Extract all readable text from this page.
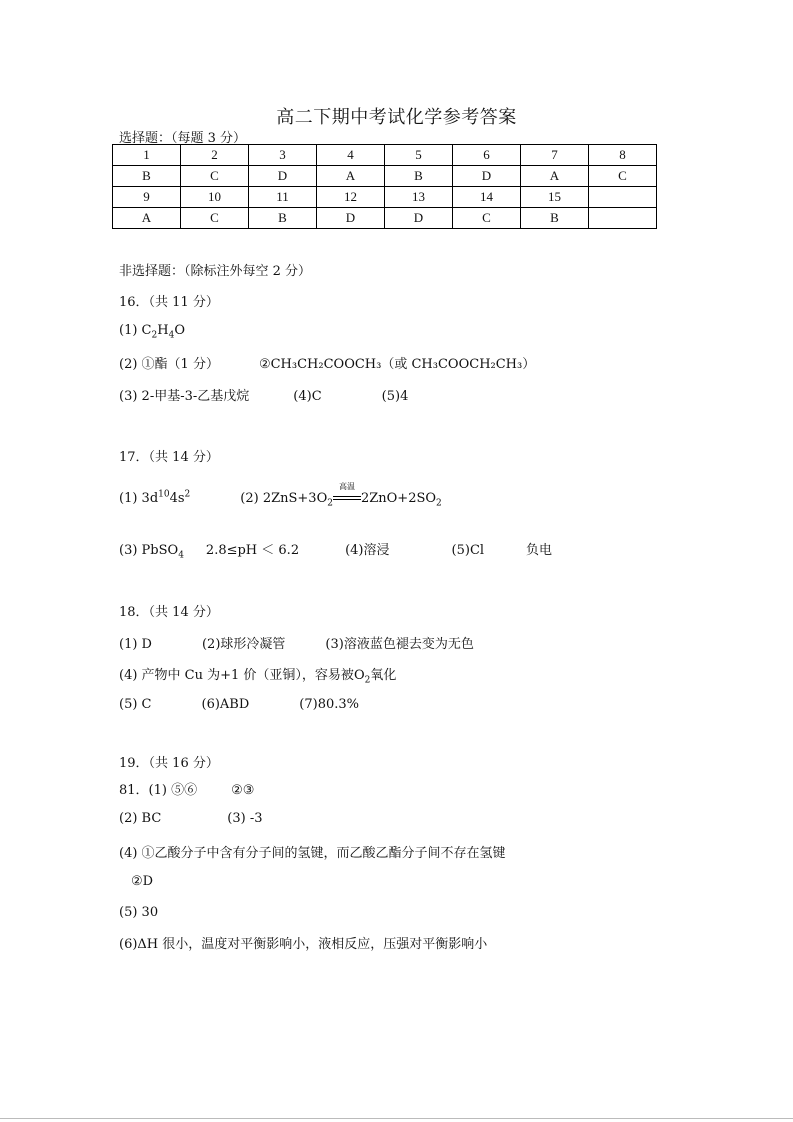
高二下期中考试化学参考答案
选择题：（每题 3 分）
1	2	3	4	5	6	7	8
B	C	D	A	B	D	A	C
9	10	11	12	13	14	15	
A	C	B	D	D	C	B	
非选择题：（除标注外每空 2 分）
16．（共 11 分）
(1) $C_2H_4O$
(2) ①酯（1 分）	②CH₃CH₂COOCH₃（或 CH₃COOCH₂CH₃）
(3) 2-甲基-3-乙基戊烷	(4)C	(5)4
17．（共 14 分）
(1) $3d^{10}4s^2$	(2) $2ZnS+3O_2$
高温
$2ZnO+2SO_2$
(3) PbSO$_4$ 2.8≤pH ＜ 6.2	(4)溶浸	(5)Cl	负电
18．（共 14 分）
(1) D	(2)球形冷凝管	(3)溶液蓝色褪去变为无色
(4) 产物中 Cu 为+1 价（亚铜），容易被$O_2$氧化
(5) C	(6)ABD	(7)80.3%
19．（共 16 分）
81．(1) ⑤⑥	②③
(2) BC	(3) -3
(4) ①乙酸分子中含有分子间的氢键，而乙酸乙酯分子间不存在氢键
②D
(5) 30
(6)ΔH 很小，温度对平衡影响小，液相反应，压强对平衡影响小
